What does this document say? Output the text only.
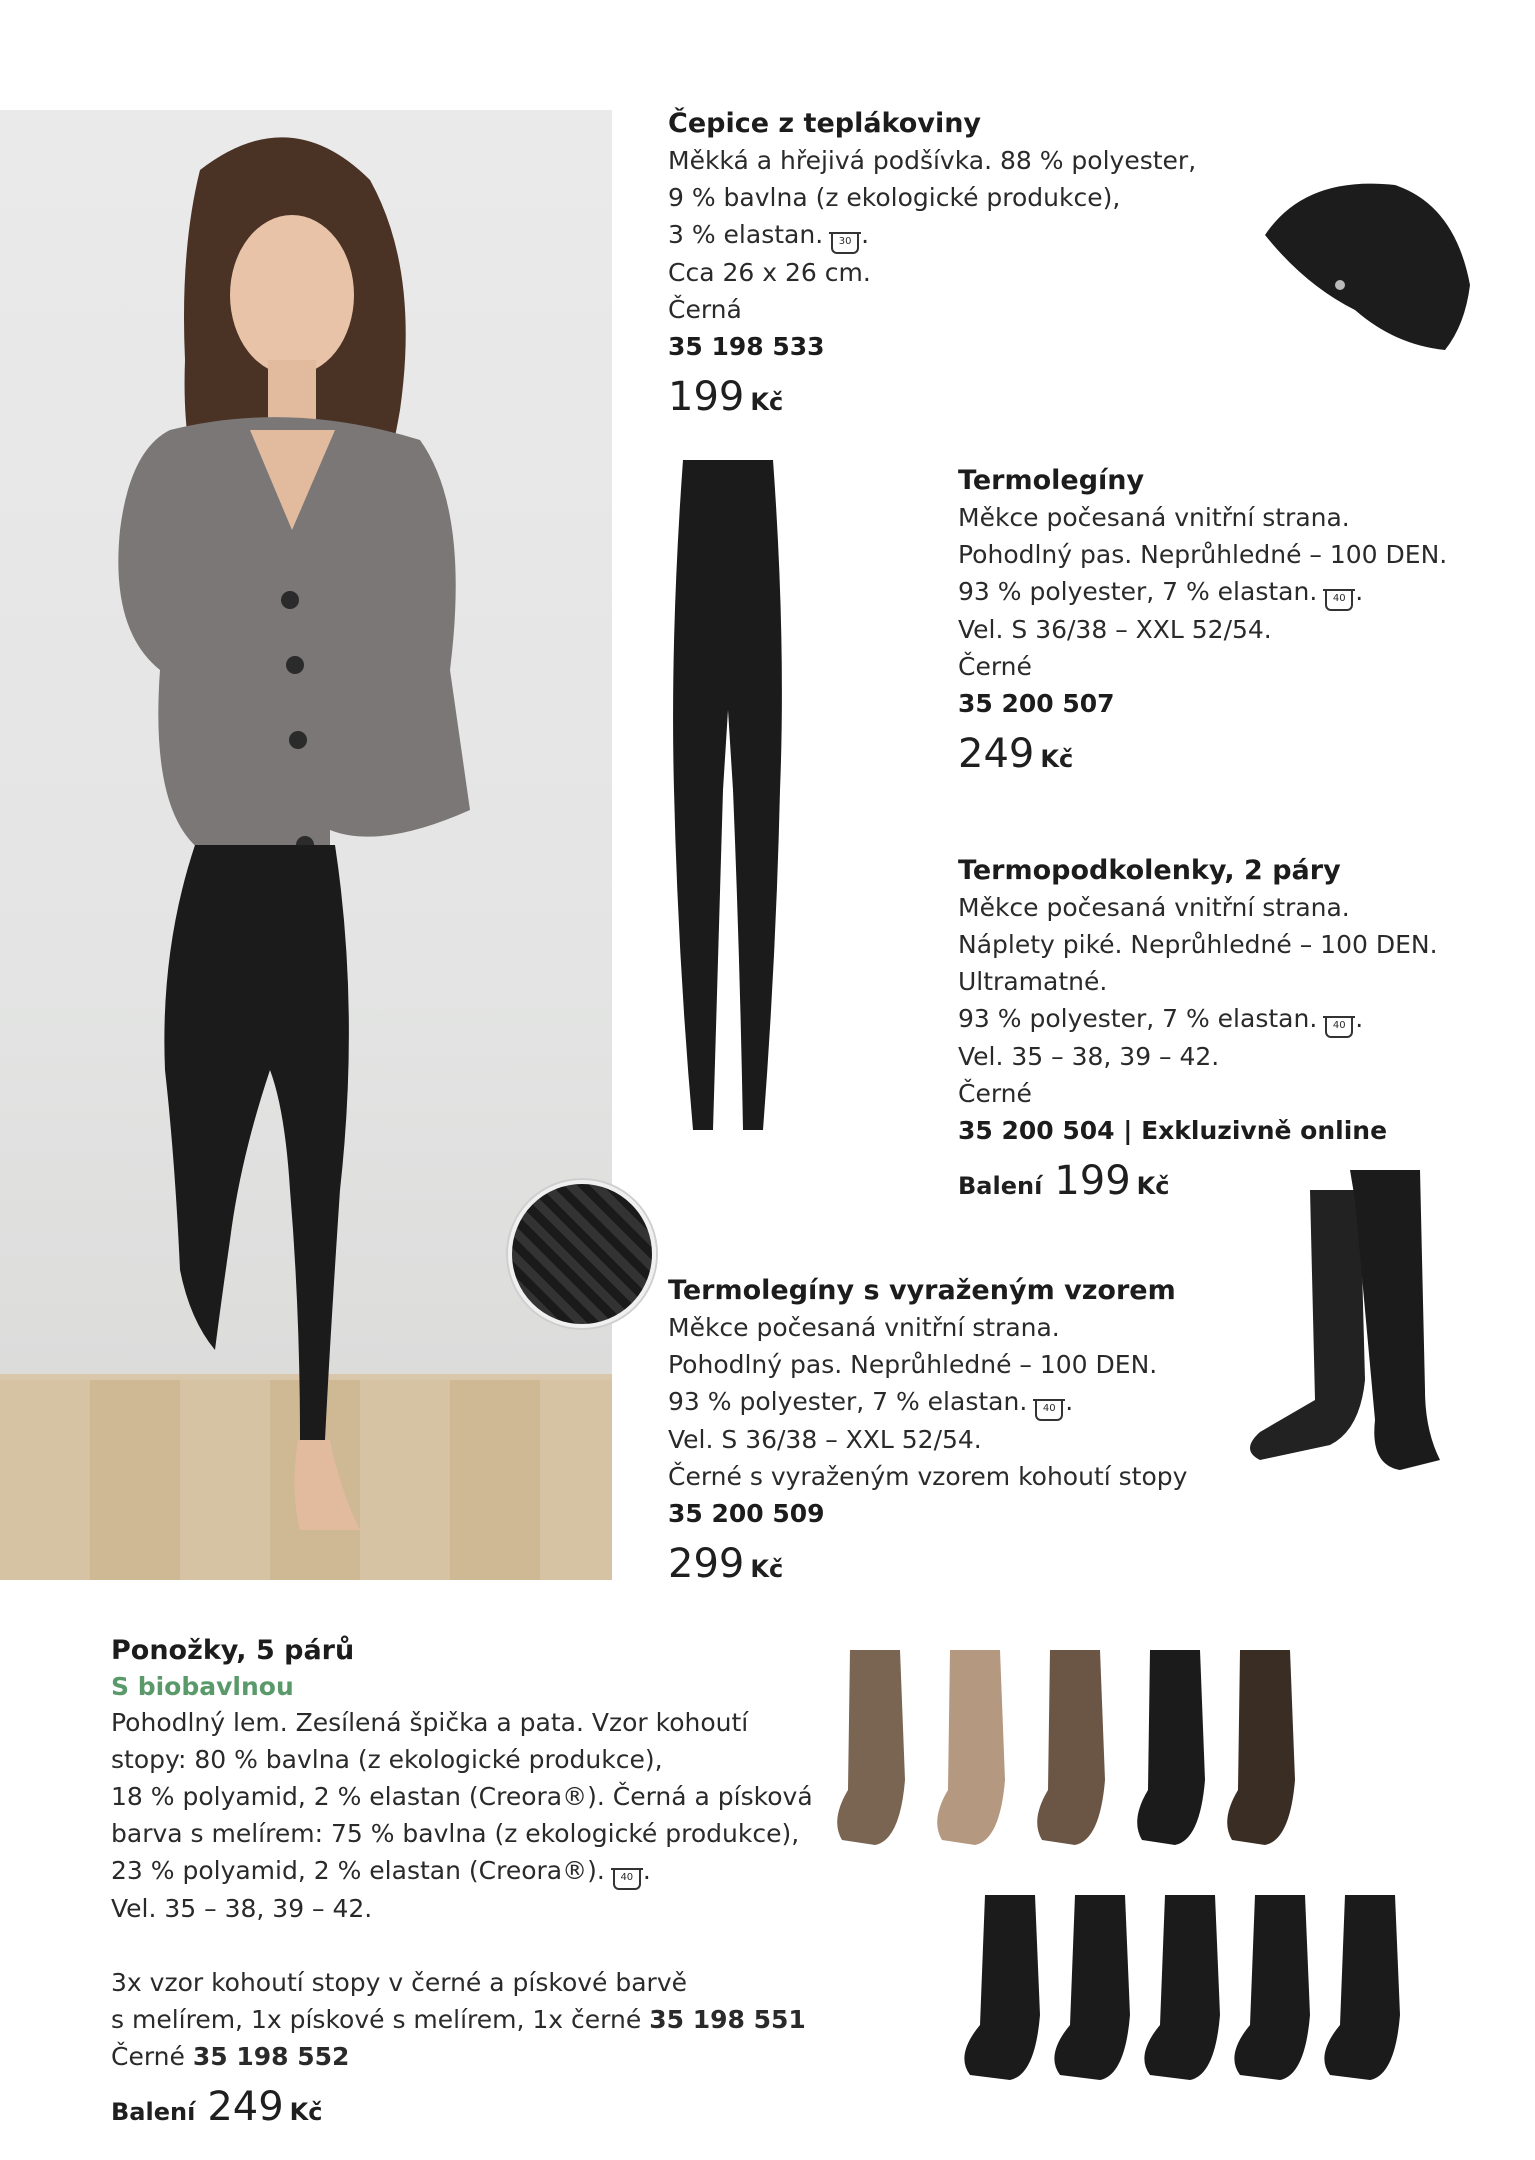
Čepice z teplákoviny
Měkká a hřejivá podšívka. 88 % polyester,
9 % bavlna (z ekologické produkce),
3 % elastan. 30 .
Cca 26 x 26 cm.
Černá
35 198 533
199 Kč
Termolegíny
Měkce počesaná vnitřní strana.
Pohodlný pas. Neprůhledné – 100 DEN.
93 % polyester, 7 % elastan. 40 .
Vel. S 36/38 – XXL 52/54.
Černé
35 200 507
249 Kč
Termopodkolenky, 2 páry
Měkce počesaná vnitřní strana.
Náplety piké. Neprůhledné – 100 DEN.
Ultramatné.
93 % polyester, 7 % elastan. 40 .
Vel. 35 – 38, 39 – 42.
Černé
35 200 504 | Exkluzivně online
Balení 199 Kč
Termolegíny s vyraženým vzorem
Měkce počesaná vnitřní strana.
Pohodlný pas. Neprůhledné – 100 DEN.
93 % polyester, 7 % elastan. 40 .
Vel. S 36/38 – XXL 52/54.
Černé s vyraženým vzorem kohoutí stopy
35 200 509
299 Kč
Ponožky, 5 párů
S biobavlnou
Pohodlný lem. Zesílená špička a pata. Vzor kohoutí
stopy: 80 % bavlna (z ekologické produkce),
18 % polyamid, 2 % elastan (Creora®). Černá a písková
barva s melírem: 75 % bavlna (z ekologické produkce),
23 % polyamid, 2 % elastan (Creora®). 40 .
Vel. 35 – 38, 39 – 42.
3x vzor kohoutí stopy v černé a pískové barvě
s melírem, 1x pískové s melírem, 1x černé 35 198 551
Černé 35 198 552
Balení 249 Kč
